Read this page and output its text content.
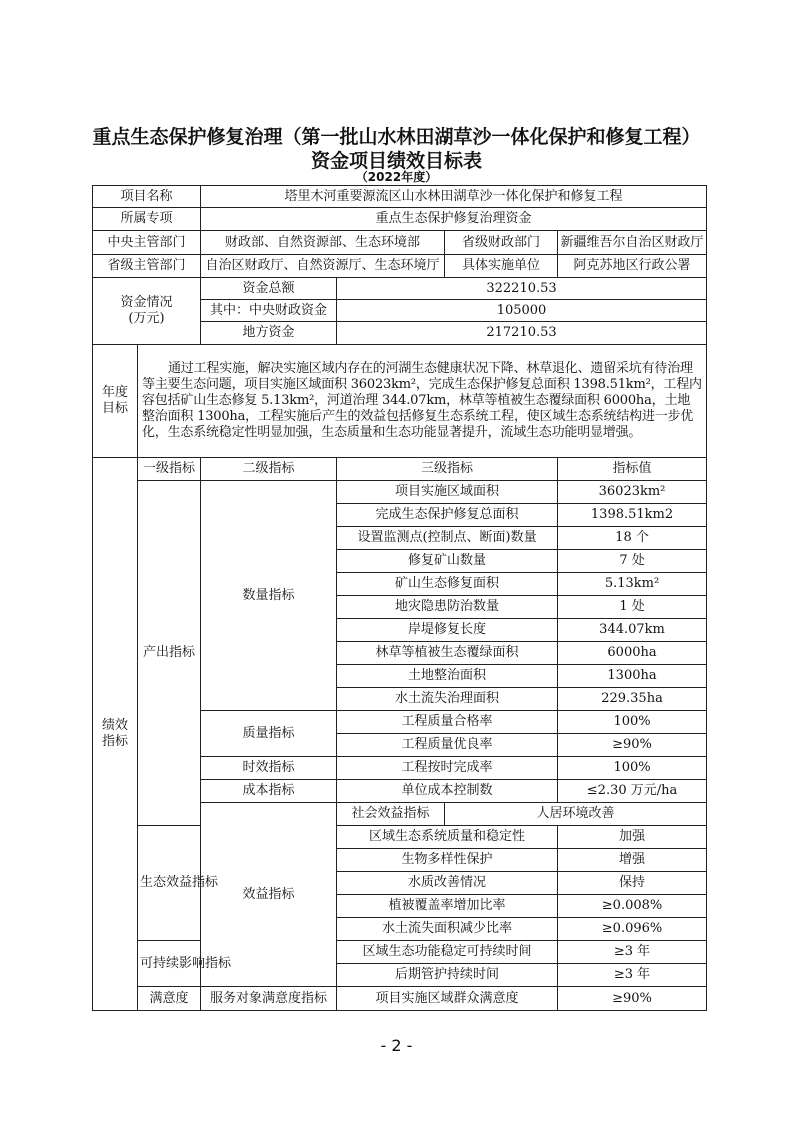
重点生态保护修复治理（第一批山水林田湖草沙一体化保护和修复工程）
资金项目绩效目标表
（2022年度）
项目名称		塔里木河重要源流区山水林田湖草沙一体化保护和修复工程				
所属专项		重点生态保护修复治理资金				
中央主管部门		财政部、自然资源部、生态环境部		省级财政部门	新疆维吾尔自治区财政厅	
省级主管部门		自治区财政厅、自然资源厅、生态环境厅		具体实施单位	阿克苏地区行政公署	

资金情况
(万元)		资金总额	322210.53			
		其中：中央财政资金	105000			
		地方资金	217210.53			

年度
目标	通过工程实施，解决实施区域内存在的河湖生态健康状况下降、林草退化、遗留采坑有待治理等主要生态问题，项目实施区域面积 36023km²，完成生态保护修复总面积 1398.51km²，工程内容包括矿山生态修复 5.13km²，河道治理 344.07km，林草等植被生态覆绿面积 6000ha，土地整治面积 1300ha，工程实施后产生的效益包括修复生态系统工程，使区域生态系统结构进一步优化，生态系统稳定性明显加强，生态质量和生态功能显著提升，流域生态功能明显增强。					

绩效
指标	一级指标	二级指标	三级指标		指标值	
	产出指标	数量指标	项目实施区域面积		36023km²	
			完成生态保护修复总面积		1398.51km2	
			设置监测点(控制点、断面)数量		18 个	
			修复矿山数量		7 处	
			矿山生态修复面积		5.13km²	
			地灾隐患防治数量		1 处	
			岸堤修复长度		344.07km	
			林草等植被生态覆绿面积		6000ha	
			土地整治面积		1300ha	
			水土流失治理面积		229.35ha	
		质量指标	工程质量合格率		100%	
			工程质量优良率		≥90%	
		时效指标	工程按时完成率		100%	
		成本指标	单位成本控制数		≤2.30 万元/ha	
		效益指标	社会效益指标	人居环境改善	
	生态效益指标		区域生态系统质量和稳定性		加强	
			生物多样性保护		增强	
			水质改善情况		保持	
			植被覆盖率增加比率		≥0.008%	
			水土流失面积减少比率		≥0.096%	
	可持续影响指标		区域生态功能稳定可持续时间		≥3 年	
			后期管护持续时间		≥3 年	
	满意度	服务对象满意度指标	项目实施区域群众满意度		≥90%	
- 2 -
